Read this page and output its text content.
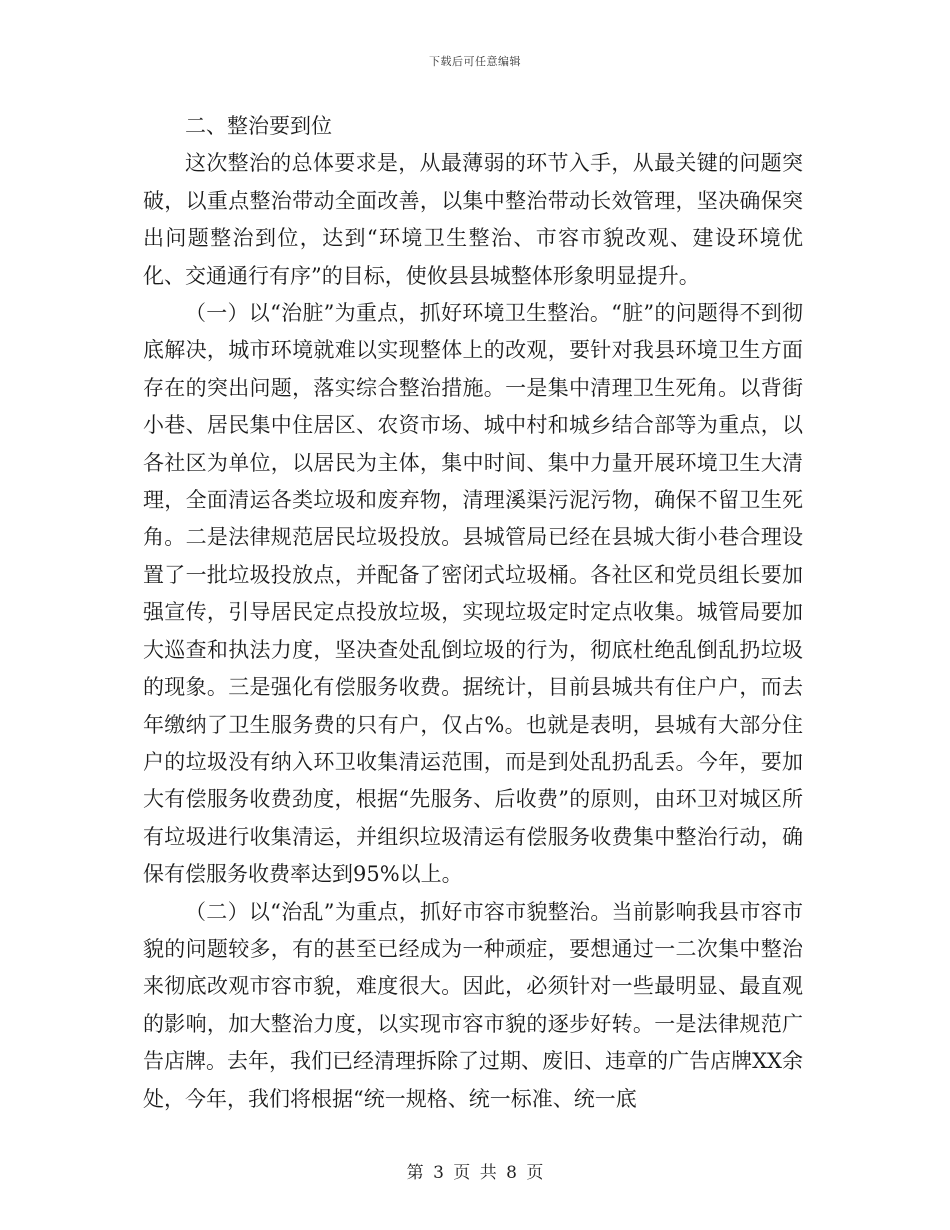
下载后可任意编辑

二、整治要到位

这次整治的总体要求是，从最薄弱的环节入手，从最关键的问题突破，以重点整治带动全面改善，以集中整治带动长效管理，坚决确保突出问题整治到位，达到“环境卫生整治、市容市貌改观、建设环境优化、交通通行有序”的目标，使攸县县城整体形象明显提升。

（一）以“治脏”为重点，抓好环境卫生整治。“脏”的问题得不到彻底解决，城市环境就难以实现整体上的改观，要针对我县环境卫生方面存在的突出问题，落实综合整治措施。一是集中清理卫生死角。以背街小巷、居民集中住居区、农资市场、城中村和城乡结合部等为重点，以各社区为单位，以居民为主体，集中时间、集中力量开展环境卫生大清理，全面清运各类垃圾和废弃物，清理溪渠污泥污物，确保不留卫生死角。二是法律规范居民垃圾投放。县城管局已经在县城大街小巷合理设置了一批垃圾投放点，并配备了密闭式垃圾桶。各社区和党员组长要加强宣传，引导居民定点投放垃圾，实现垃圾定时定点收集。城管局要加大巡查和执法力度，坚决查处乱倒垃圾的行为，彻底杜绝乱倒乱扔垃圾的现象。三是强化有偿服务收费。据统计，目前县城共有住户户，而去年缴纳了卫生服务费的只有户，仅占%。也就是表明，县城有大部分住户的垃圾没有纳入环卫收集清运范围，而是到处乱扔乱丢。今年，要加大有偿服务收费劲度，根据“先服务、后收费”的原则，由环卫对城区所有垃圾进行收集清运，并组织垃圾清运有偿服务收费集中整治行动，确保有偿服务收费率达到95%以上。

（二）以“治乱”为重点，抓好市容市貌整治。当前影响我县市容市貌的问题较多，有的甚至已经成为一种顽症，要想通过一二次集中整治来彻底改观市容市貌，难度很大。因此，必须针对一些最明显、最直观的影响，加大整治力度，以实现市容市貌的逐步好转。一是法律规范广告店牌。去年，我们已经清理拆除了过期、废旧、违章的广告店牌XX余处，今年，我们将根据“统一规格、统一标准、统一底

第 3 页 共 8 页
